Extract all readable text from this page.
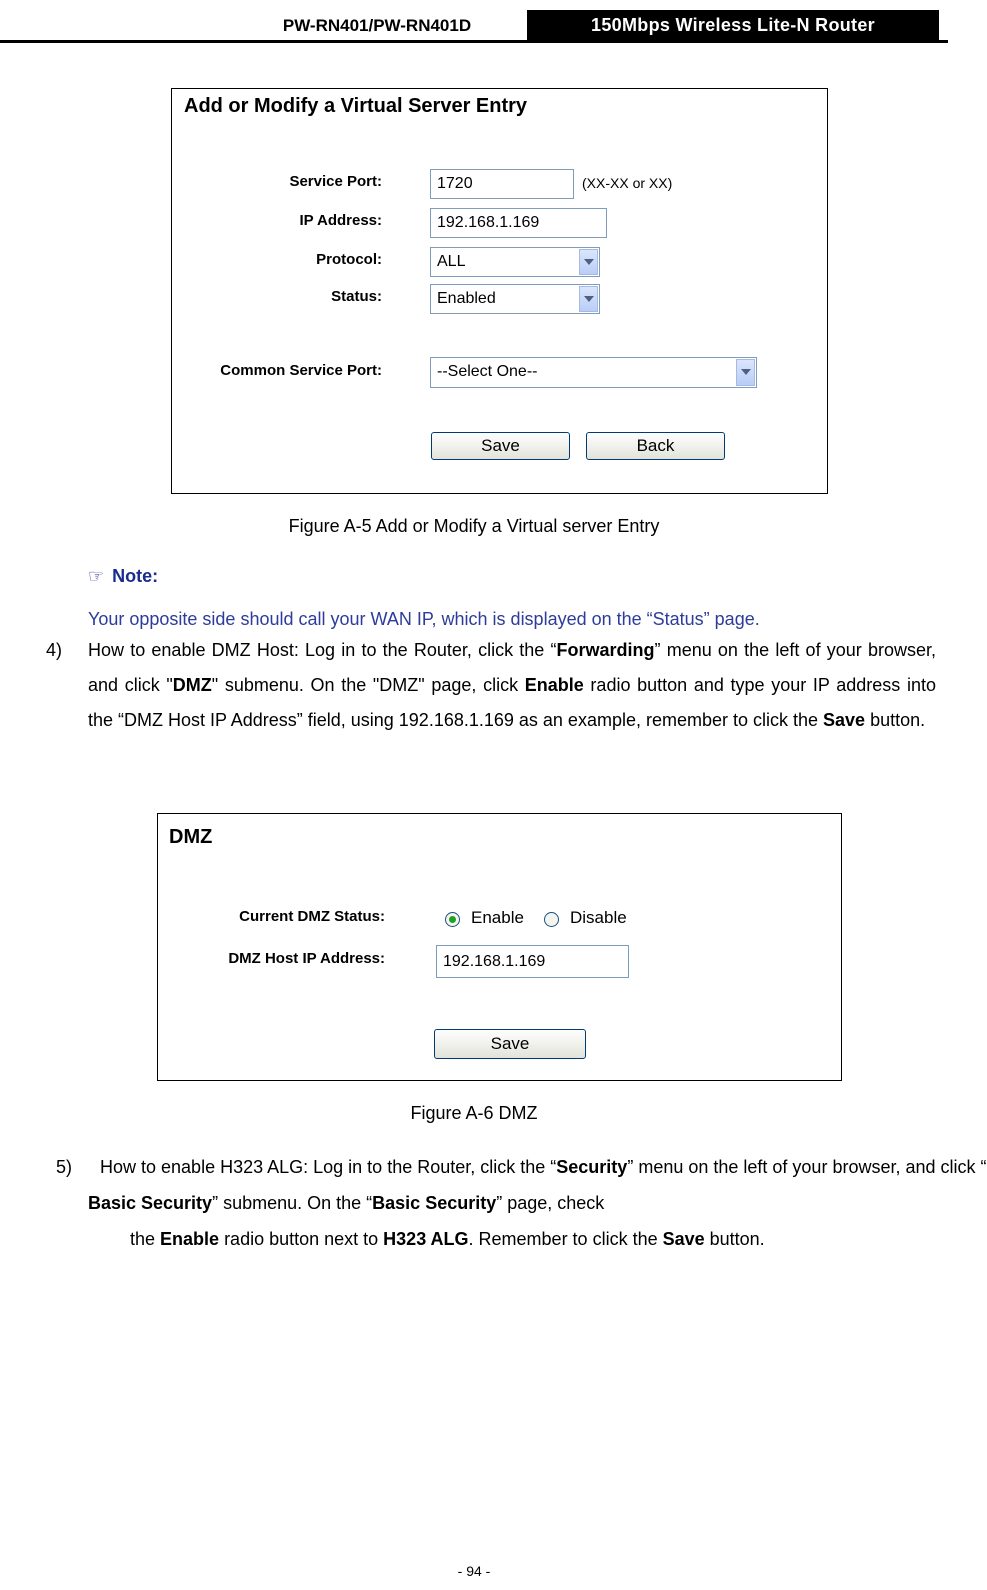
PW-RN401/PW-RN401D	150Mbps Wireless Lite-N Router
Add or Modify a Virtual Server Entry
Service Port:	1720	(XX-XX or XX)
IP Address:	192.168.1.169
Protocol:	ALL
Status:	Enabled
Common Service Port:	--Select One--
Save	Back
Figure A-5 Add or Modify a Virtual server Entry
☞ Note:
Your opposite side should call your WAN IP, which is displayed on the “Status” page.
4) How to enable DMZ Host: Log in to the Router, click the “Forwarding” menu on the left of your browser, and click "DMZ" submenu. On the "DMZ" page, click Enable radio button and type your IP address into the “DMZ Host IP Address” field, using 192.168.1.169 as an example, remember to click the Save button.
DMZ
Current DMZ Status:	Enable	Disable
DMZ Host IP Address:	192.168.1.169
Save
Figure A-6 DMZ
5) How to enable H323 ALG: Log in to the Router, click the “Security” menu on the left of your browser, and click “
Basic Security” submenu. On the “Basic Security” page, check
the Enable radio button next to H323 ALG. Remember to click the Save button.
- 94 -
